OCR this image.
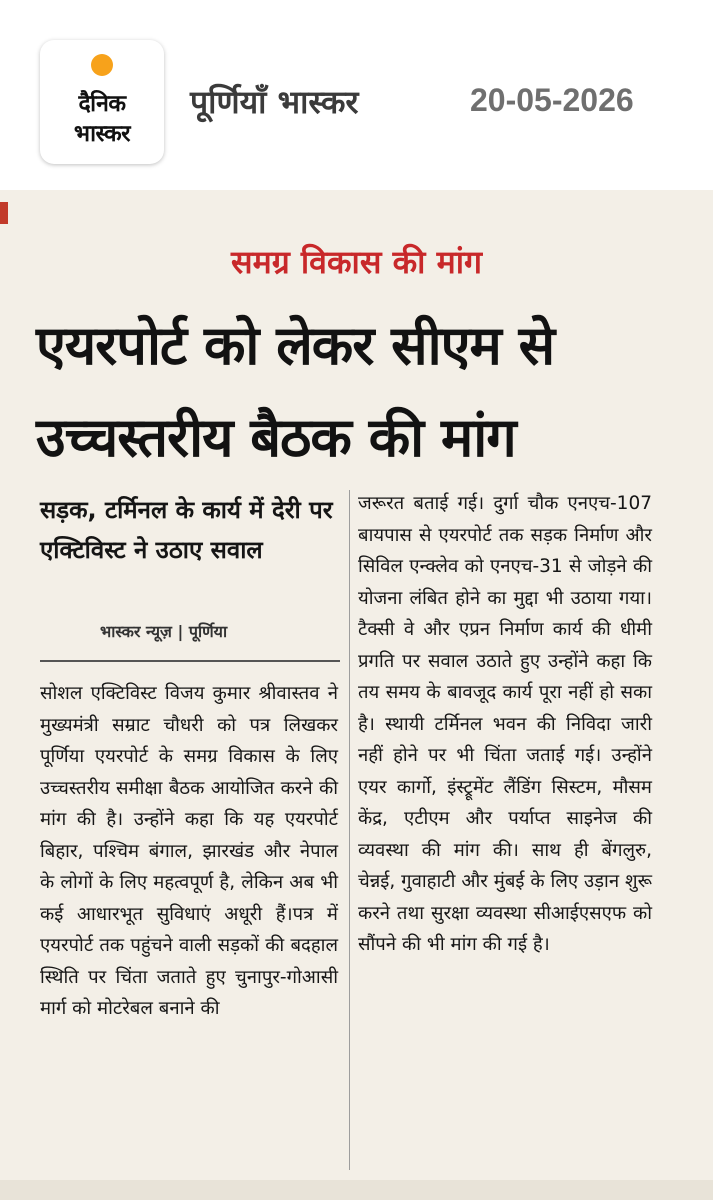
दैनिक
भास्कर
पूर्णियाँ भास्कर	20-05-2026
समग्र विकास की मांग
एयरपोर्ट को लेकर सीएम से उच्चस्तरीय बैठक की मांग
सड़क, टर्मिनल के कार्य में देरी पर एक्टिविस्ट ने उठाए सवाल
भास्कर न्यूज़ | पूर्णिया
सोशल एक्टिविस्ट विजय कुमार श्रीवास्तव ने मुख्यमंत्री सम्राट चौधरी को पत्र लिखकर पूर्णिया एयरपोर्ट के समग्र विकास के लिए उच्चस्तरीय समीक्षा बैठक आयोजित करने की मांग की है। उन्होंने कहा कि यह एयरपोर्ट बिहार, पश्चिम बंगाल, झारखंड और नेपाल के लोगों के लिए महत्वपूर्ण है, लेकिन अब भी कई आधारभूत सुविधाएं अधूरी हैं।पत्र में एयरपोर्ट तक पहुंचने वाली सड़कों की बदहाल स्थिति पर चिंता जताते हुए चुनापुर-गोआसी मार्ग को मोटरेबल बनाने की
जरूरत बताई गई। दुर्गा चौक एनएच-107 बायपास से एयरपोर्ट तक सड़क निर्माण और सिविल एन्क्लेव को एनएच-31 से जोड़ने की योजना लंबित होने का मुद्दा भी उठाया गया।टैक्सी वे और एप्रन निर्माण कार्य की धीमी प्रगति पर सवाल उठाते हुए उन्होंने कहा कि तय समय के बावजूद कार्य पूरा नहीं हो सका है। स्थायी टर्मिनल भवन की निविदा जारी नहीं होने पर भी चिंता जताई गई। उन्होंने एयर कार्गो, इंस्ट्रूमेंट लैंडिंग सिस्टम, मौसम केंद्र, एटीएम और पर्याप्त साइनेज की व्यवस्था की मांग की। साथ ही बेंगलुरु, चेन्नई, गुवाहाटी और मुंबई के लिए उड़ान शुरू करने तथा सुरक्षा व्यवस्था सीआईएसएफ को सौंपने की भी मांग की गई है।
